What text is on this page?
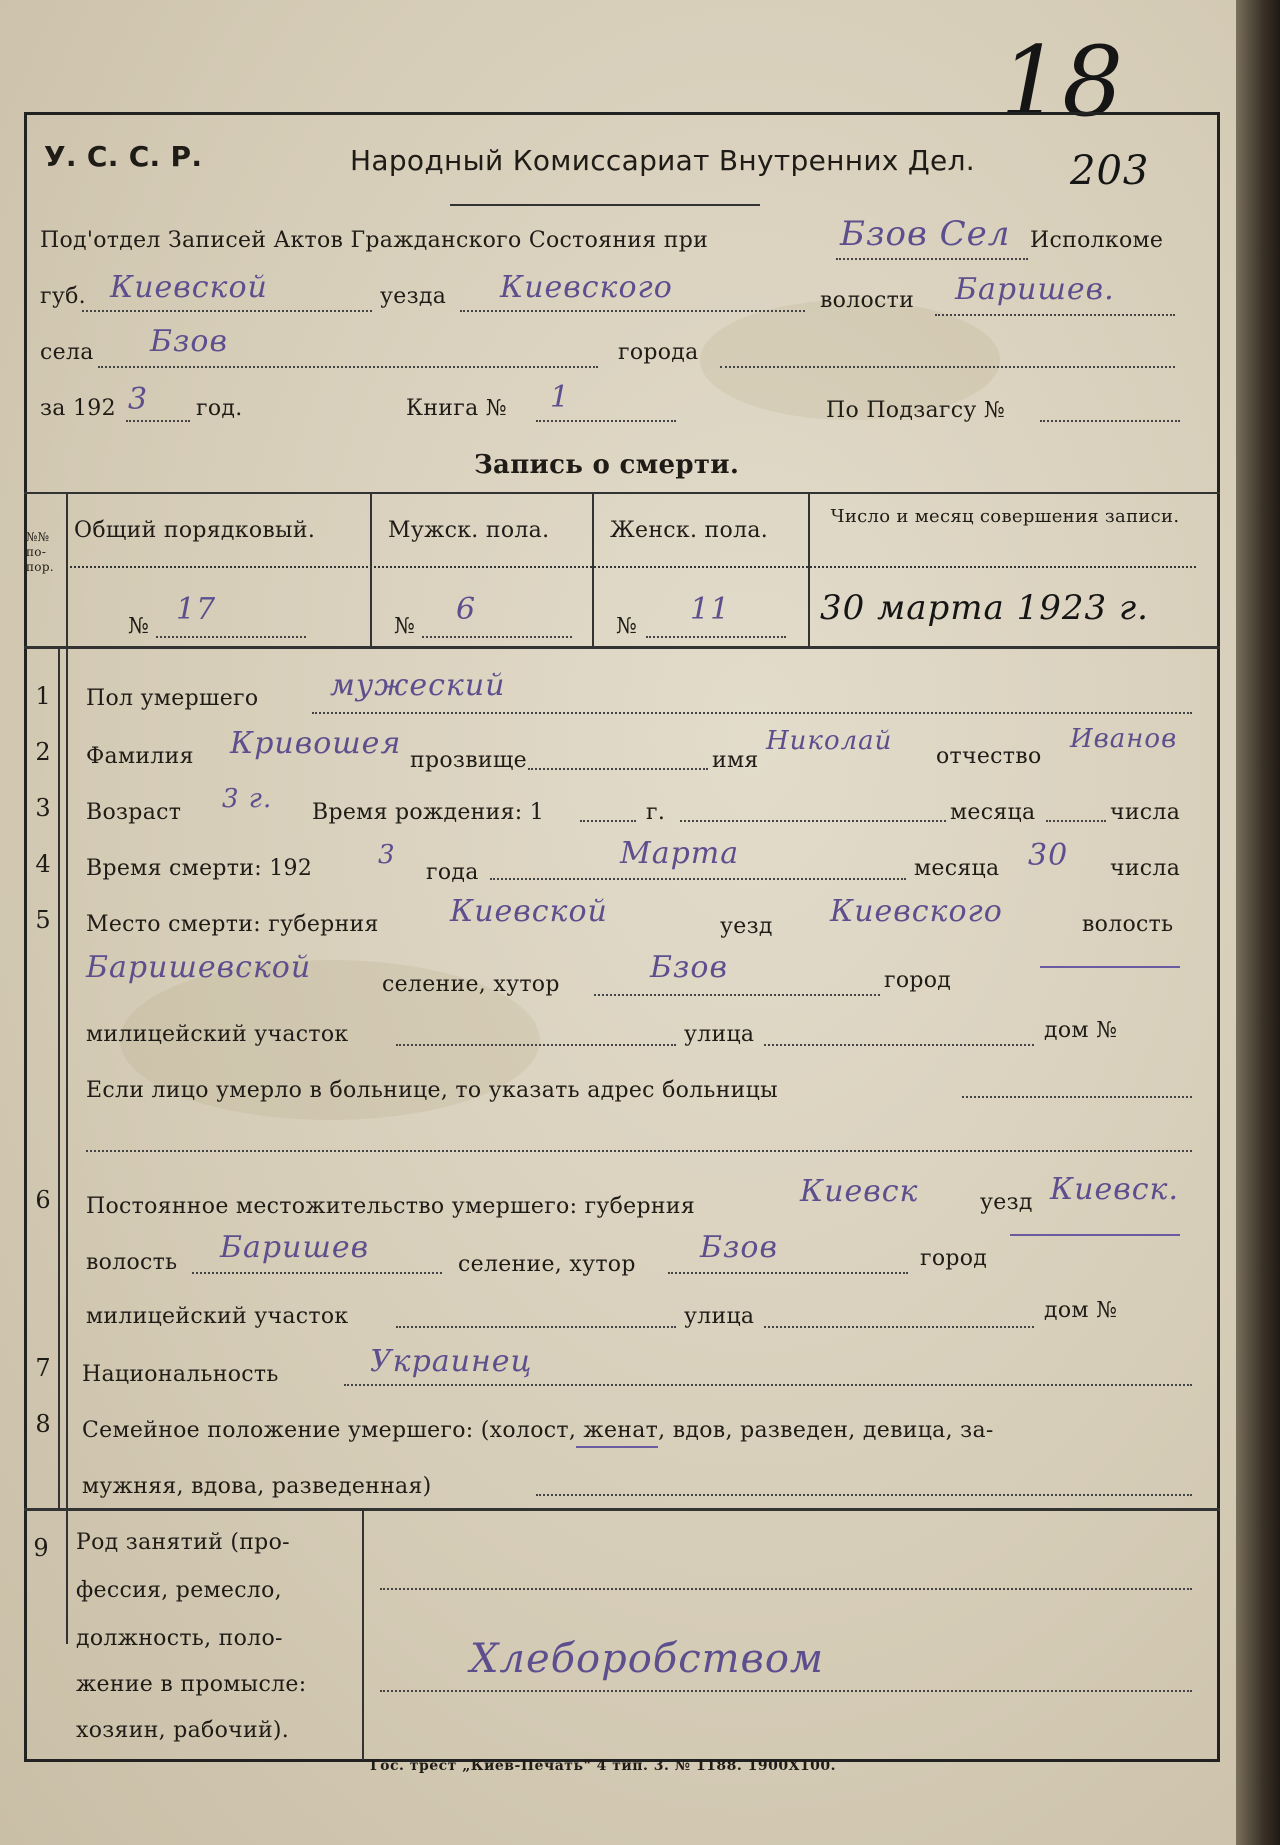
18
У. С. С. Р.	Народный Комиссариат Внутренних Дел. 203
Под'отдел Записей Актов Гражданского Состояния при	Бзов Сел Исполкоме
губ. Киевской	уезда Киевского	волости Баришев.
села Бзов	города
за 192 3 год.	Книга № 1	По Подзагсу №
Запись о смерти.
№№ по-пор.
Общий порядковый.	Мужск. пола.	Женск. пола.
Число и месяц совершения записи.
№ 17	№ 6	№ 11	30 марта 1923 г.
1	Пол умершего мужеский
2	Фамилия Кривошея прозвище	имя
Николай
отчество
Иванов
3	Возраст 3 г. Время рождения: 1	г.	месяца	числа
4	Время смерти: 192	3
года
Марта	месяца 30 числа
5	Место смерти: губерния Киевской	уезд Киевского	волость
Баришевской	селение, хутор	Бзов	город
милицейский участок	улица	дом №
Если лицо умерло в больнице, то указать адрес больницы
6	Постоянное местожительство умершего: губерния	Киевск	уезд Киевск.
волость Баришев	селение, хутор Бзов	город
милицейский участок	улица	дом №
7	Национальность	Украинец
8	Семейное положение умершего: (холост, женат, вдов, разведен, девица, за-
мужняя, вдова, разведенная)
9	Род занятий (про-
фессия, ремесло,
должность, поло-
жение в промысле:
хозяин, рабочий).
Хлеборобством
Гос. трест „Киев-Печать" 4 тип. 3. № 1188. 1900Х100.
